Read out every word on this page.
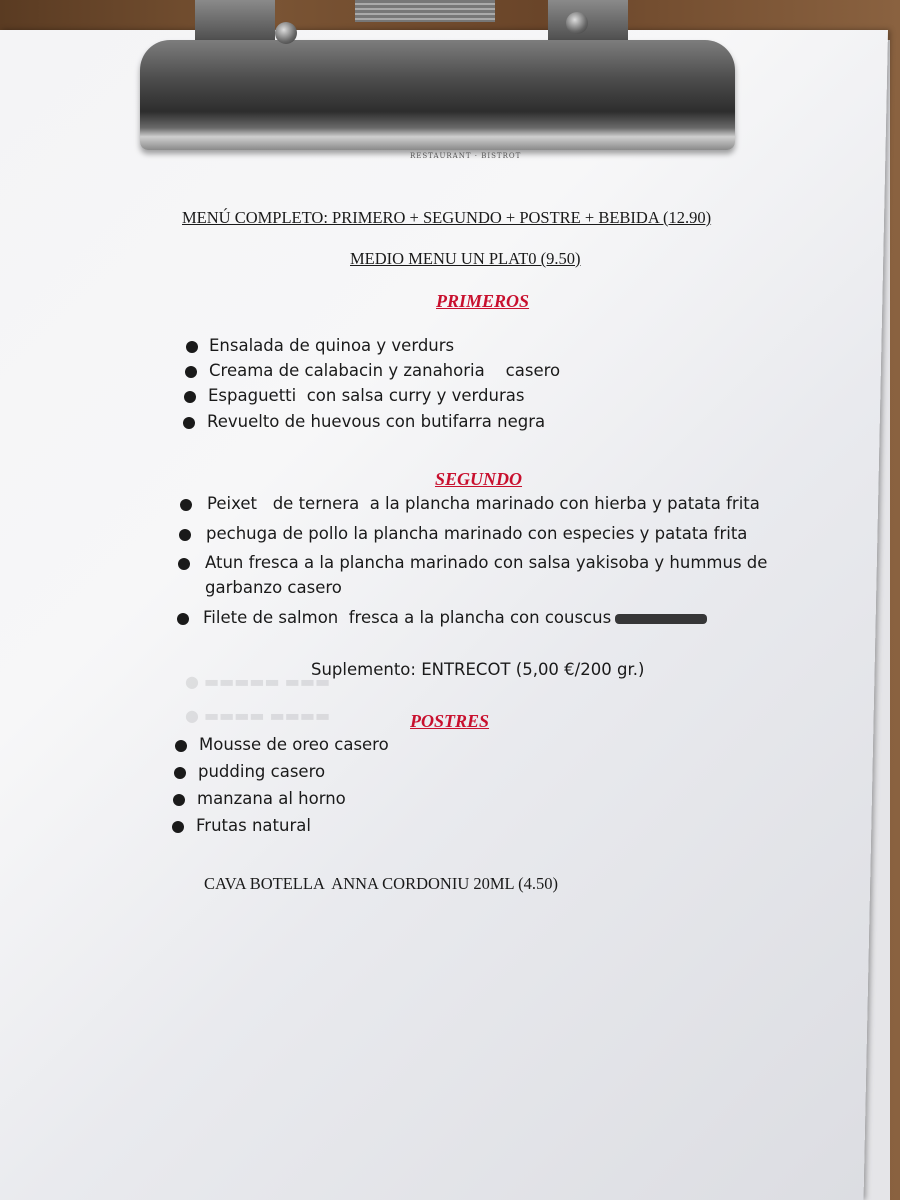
RESTAURANT · BISTROT
MENÚ COMPLETO: PRIMERO + SEGUNDO + POSTRE + BEBIDA (12.90)
MEDIO MENU UN PLAT0 (9.50)
PRIMEROS
Ensalada de quinoa y verdurs
Creama de calabacin y zanahoria    casero
Espaguetti  con salsa curry y verduras
Revuelto de huevous con butifarra negra
SEGUNDO
Peixet   de ternera  a la plancha marinado con hierba y patata frita
pechuga de pollo la plancha marinado con especies y patata frita
Atun fresca a la plancha marinado con salsa yakisoba y hummus de
garbanzo casero
Filete de salmon  fresca a la plancha con couscus
Suplemento: ENTRECOT (5,00 €/200 gr.)
● ▬▬▬▬▬ ▬▬▬
● ▬▬▬▬ ▬▬▬▬	POSTRES
Mousse de oreo casero
pudding casero
manzana al horno
Frutas natural
CAVA BOTELLA  ANNA CORDONIU 20ML (4.50)
